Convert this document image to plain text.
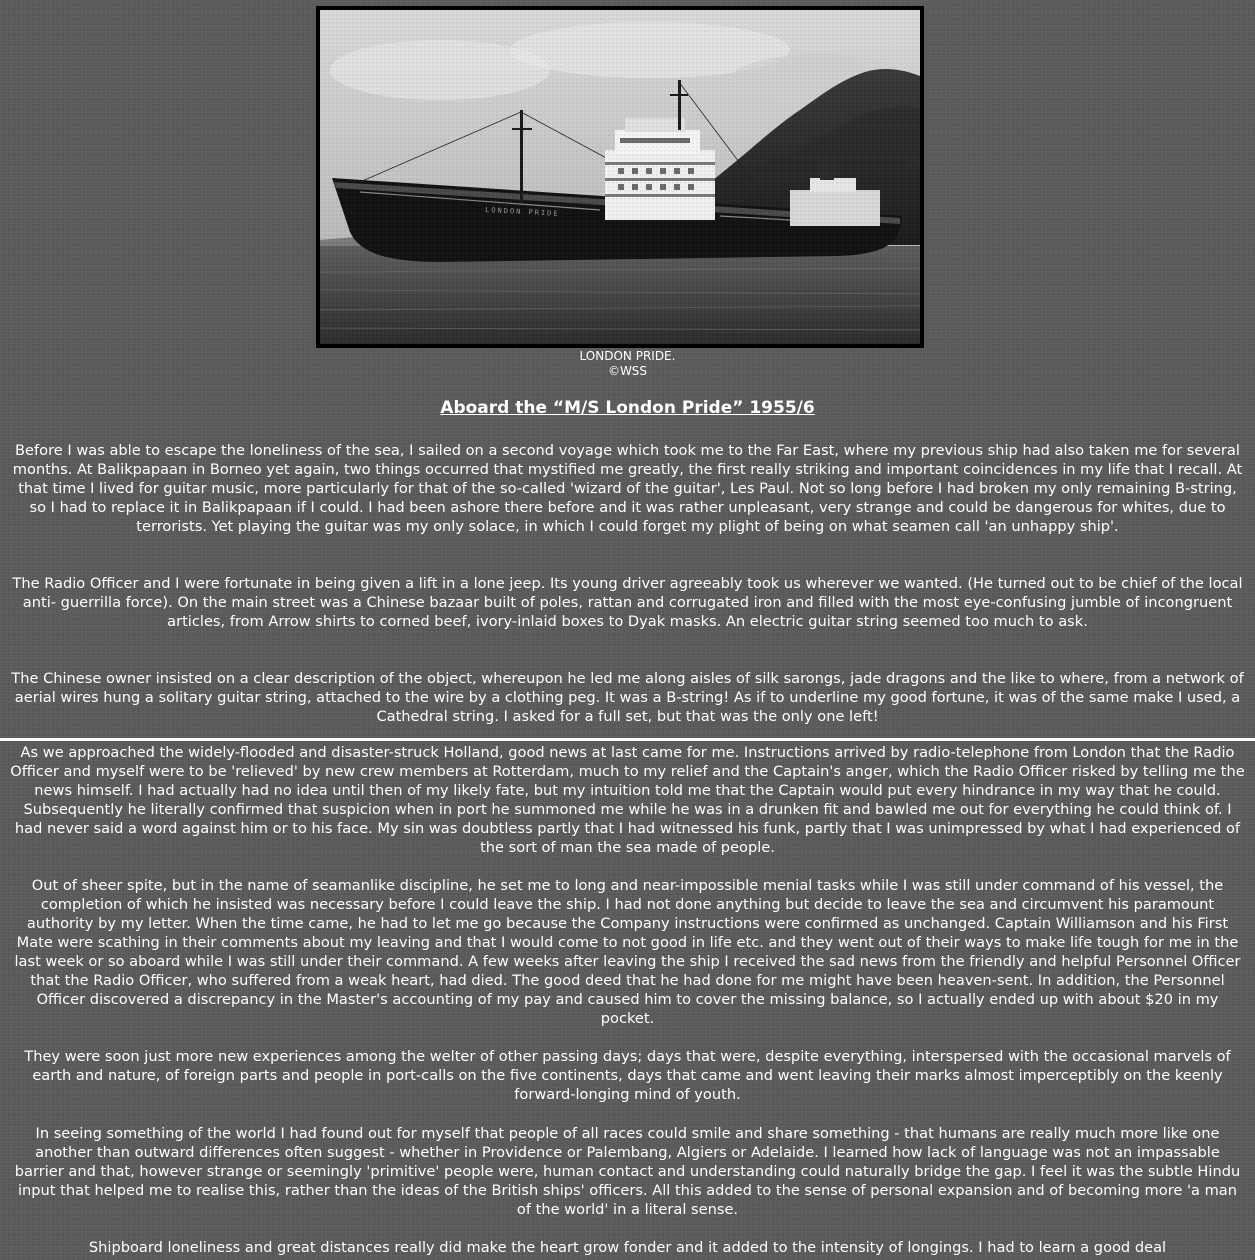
LONDON PRIDE.
©WSS
Aboard the “M/S London Pride” 1955/6

Before I was able to escape the loneliness of the sea, I sailed on a second voyage which took me to the Far East, where my previous ship had also taken me for several months. At Balikpapaan in Borneo yet again, two things occurred that mystified me greatly, the first really striking and important coincidences in my life that I recall. At that time I lived for guitar music, more particularly for that of the so-called 'wizard of the guitar', Les Paul. Not so long before I had broken my only remaining B-string, so I had to replace it in Balikpapaan if I could. I had been ashore there before and it was rather unpleasant, very strange and could be dangerous for whites, due to terrorists. Yet playing the guitar was my only solace, in which I could forget my plight of being on what seamen call 'an unhappy ship'.

The Radio Officer and I were fortunate in being given a lift in a lone jeep. Its young driver agreeably took us wherever we wanted. (He turned out to be chief of the local anti- guerrilla force). On the main street was a Chinese bazaar built of poles, rattan and corrugated iron and filled with the most eye-confusing jumble of incongruent articles, from Arrow shirts to corned beef, ivory-inlaid boxes to Dyak masks. An electric guitar string seemed too much to ask.

The Chinese owner insisted on a clear description of the object, whereupon he led me along aisles of silk sarongs, jade dragons and the like to where, from a network of aerial wires hung a solitary guitar string, attached to the wire by a clothing peg. It was a B-string! As if to underline my good fortune, it was of the same make I used, a Cathedral string. I asked for a full set, but that was the only one left!

As we approached the widely-flooded and disaster-struck Holland, good news at last came for me. Instructions arrived by radio-telephone from London that the Radio Officer and myself were to be 'relieved' by new crew members at Rotterdam, much to my relief and the Captain's anger, which the Radio Officer risked by telling me the news himself. I had actually had no idea until then of my likely fate, but my intuition told me that the Captain would put every hindrance in my way that he could. Subsequently he literally confirmed that suspicion when in port he summoned me while he was in a drunken fit and bawled me out for everything he could think of. I had never said a word against him or to his face. My sin was doubtless partly that I had witnessed his funk, partly that I was unimpressed by what I had experienced of the sort of man the sea made of people.

Out of sheer spite, but in the name of seamanlike discipline, he set me to long and near-impossible menial tasks while I was still under command of his vessel, the completion of which he insisted was necessary before I could leave the ship. I had not done anything but decide to leave the sea and circumvent his paramount authority by my letter. When the time came, he had to let me go because the Company instructions were confirmed as unchanged. Captain Williamson and his First Mate were scathing in their comments about my leaving and that I would come to not good in life etc. and they went out of their ways to make life tough for me in the last week or so aboard while I was still under their command. A few weeks after leaving the ship I received the sad news from the friendly and helpful Personnel Officer that the Radio Officer, who suffered from a weak heart, had died. The good deed that he had done for me might have been heaven-sent. In addition, the Personnel Officer discovered a discrepancy in the Master's accounting of my pay and caused him to cover the missing balance, so I actually ended up with about $20 in my pocket.

They were soon just more new experiences among the welter of other passing days; days that were, despite everything, interspersed with the occasional marvels of earth and nature, of foreign parts and people in port-calls on the five continents, days that came and went leaving their marks almost imperceptibly on the keenly forward-longing mind of youth.

In seeing something of the world I had found out for myself that people of all races could smile and share something - that humans are really much more like one another than outward differences often suggest - whether in Providence or Palembang, Algiers or Adelaide. I learned how lack of language was not an impassable barrier and that, however strange or seemingly 'primitive' people were, human contact and understanding could naturally bridge the gap. I feel it was the subtle Hindu input that helped me to realise this, rather than the ideas of the British ships' officers. All this added to the sense of personal expansion and of becoming more 'a man of the world' in a literal sense.

Shipboard loneliness and great distances really did make the heart grow fonder and it added to the intensity of longings. I had to learn a good deal
